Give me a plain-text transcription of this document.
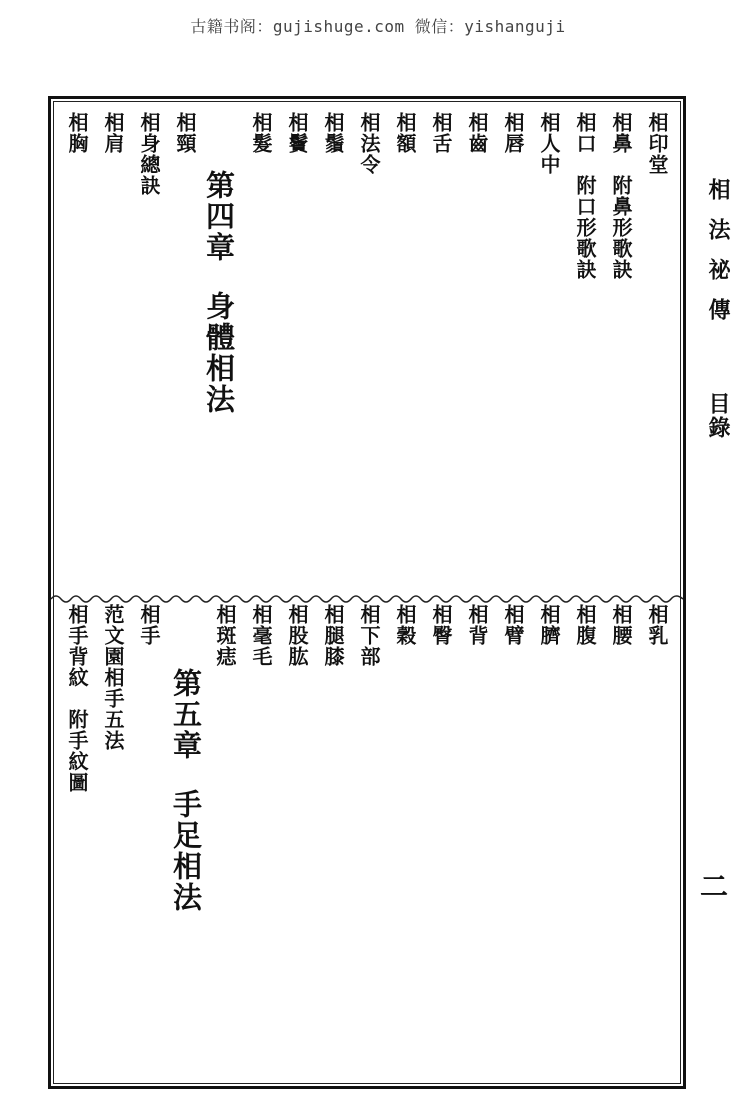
古籍书阁：gujishuge.com 微信：yishanguji
相法祕傳
目錄
二
相印堂
相鼻　附鼻形歌訣
相口　附口形歌訣
相人中
相唇
相齒
相舌
相額
相法令
相鬚
相鬢
相髮
第四章身體相法
相頸
相身總訣
相肩
相胸
相乳
相腰
相腹
相臍
相臂
相背
相臀
相穀
相下部
相腿膝
相股肱
相毫毛
相斑痣
第五章手足相法
相手
范文園相手五法
相手背紋　附手紋圖
